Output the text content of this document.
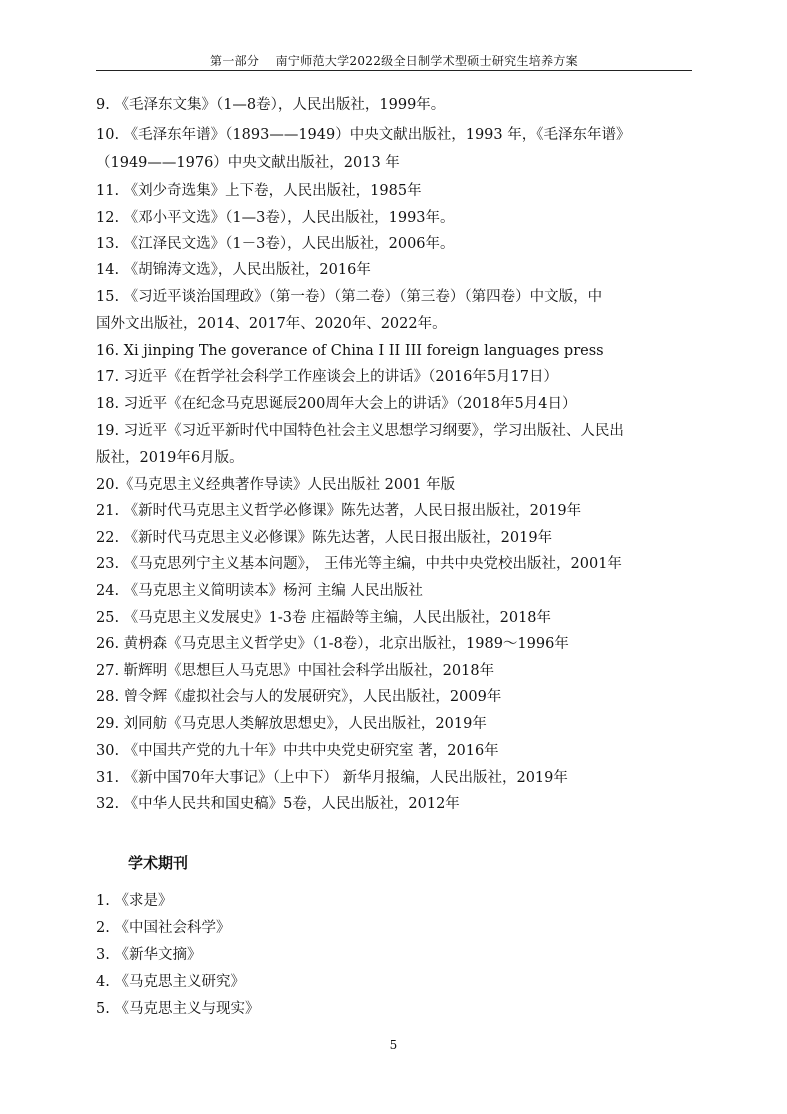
第一部分　 南宁师范大学2022级全日制学术型硕士研究生培养方案
9. 《毛泽东文集》（1—8卷），人民出版社，1999年。
10. 《毛泽东年谱》（1893——1949）中央文献出版社，1993 年，《毛泽东年谱》
（1949——1976）中央文献出版社，2013 年
11. 《刘少奇选集》上下卷，人民出版社，1985年
12. 《邓小平文选》（1—3卷），人民出版社，1993年。
13. 《江泽民文选》（1－3卷），人民出版社，2006年。
14. 《胡锦涛文选》，人民出版社，2016年
15. 《习近平谈治国理政》（第一卷）（第二卷）（第三卷）（第四卷）中文版，中
国外文出版社，2014、2017年、2020年、2022年。
16. Xi jinping The goverance of China I II III foreign languages press
17. 习近平《在哲学社会科学工作座谈会上的讲话》（2016年5月17日）
18. 习近平《在纪念马克思诞辰200周年大会上的讲话》（2018年5月4日）
19. 习近平《习近平新时代中国特色社会主义思想学习纲要》，学习出版社、人民出
版社，2019年6月版。
20.《马克思主义经典著作导读》人民出版社 2001 年版
21. 《新时代马克思主义哲学必修课》陈先达著，人民日报出版社，2019年
22. 《新时代马克思主义必修课》陈先达著，人民日报出版社，2019年
23. 《马克思列宁主义基本问题》， 王伟光等主编，中共中央党校出版社，2001年
24. 《马克思主义简明读本》杨河 主编 人民出版社
25. 《马克思主义发展史》1-3卷 庄福龄等主编，人民出版社，2018年
26. 黄枬森《马克思主义哲学史》（1-8卷），北京出版社，1989～1996年
27. 靳辉明《思想巨人马克思》中国社会科学出版社，2018年
28. 曾令辉《虚拟社会与人的发展研究》，人民出版社，2009年
29. 刘同舫《马克思人类解放思想史》，人民出版社，2019年
30. 《中国共产党的九十年》中共中央党史研究室 著，2016年
31. 《新中国70年大事记》（上中下） 新华月报编，人民出版社，2019年
32. 《中华人民共和国史稿》5卷，人民出版社，2012年
学术期刊
1. 《求是》
2. 《中国社会科学》
3. 《新华文摘》
4. 《马克思主义研究》
5. 《马克思主义与现实》
5
